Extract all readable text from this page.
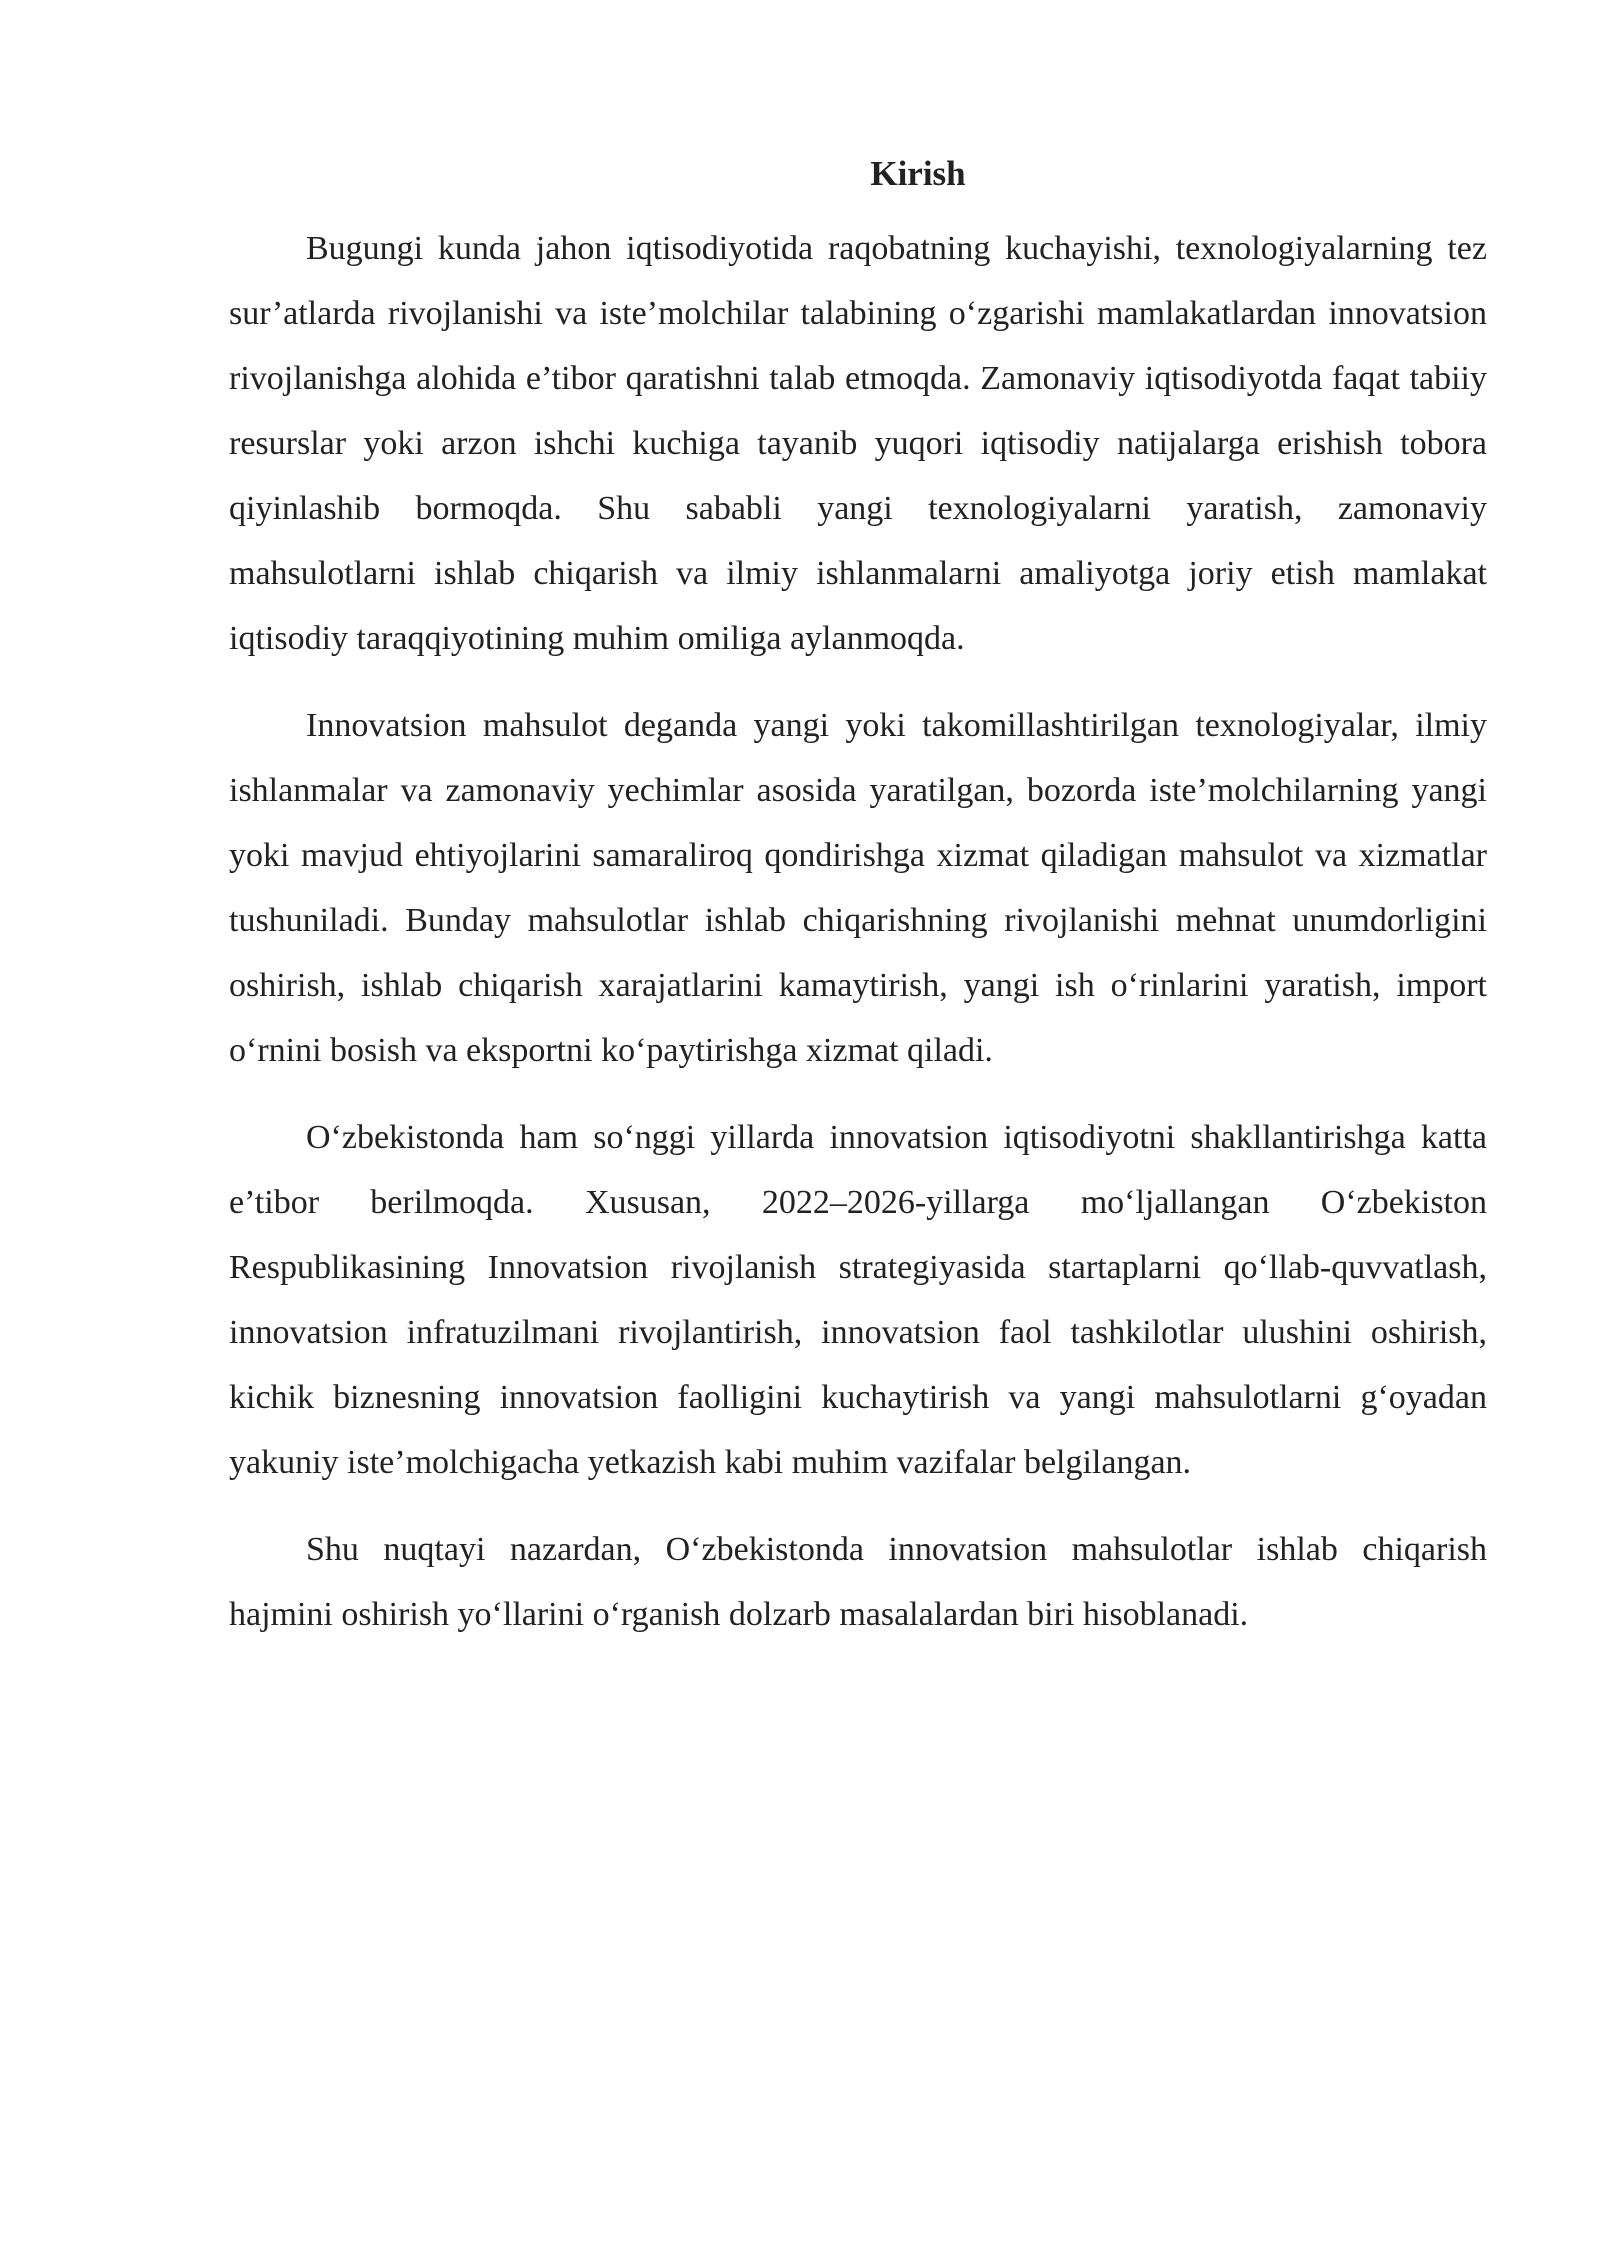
Kirish

Bugungi kunda jahon iqtisodiyotida raqobatning kuchayishi, texnologiyalarning tez sur’atlarda rivojlanishi va iste’molchilar talabining o‘zgarishi mamlakatlardan innovatsion rivojlanishga alohida e’tibor qaratishni talab etmoqda. Zamonaviy iqtisodiyotda faqat tabiiy resurslar yoki arzon ishchi kuchiga tayanib yuqori iqtisodiy natijalarga erishish tobora qiyinlashib bormoqda. Shu sababli yangi texnologiyalarni yaratish, zamonaviy mahsulotlarni ishlab chiqarish va ilmiy ishlanmalarni amaliyotga joriy etish mamlakat iqtisodiy taraqqiyotining muhim omiliga aylanmoqda.

Innovatsion mahsulot deganda yangi yoki takomillashtirilgan texnologiyalar, ilmiy ishlanmalar va zamonaviy yechimlar asosida yaratilgan, bozorda iste’molchilarning yangi yoki mavjud ehtiyojlarini samaraliroq qondirishga xizmat qiladigan mahsulot va xizmatlar tushuniladi. Bunday mahsulotlar ishlab chiqarishning rivojlanishi mehnat unumdorligini oshirish, ishlab chiqarish xarajatlarini kamaytirish, yangi ish o‘rinlarini yaratish, import o‘rnini bosish va eksportni ko‘paytirishga xizmat qiladi.

O‘zbekistonda ham so‘nggi yillarda innovatsion iqtisodiyotni shakllantirishga katta e’tibor berilmoqda. Xususan, 2022–2026-yillarga mo‘ljallangan O‘zbekiston Respublikasining Innovatsion rivojlanish strategiyasida startaplarni qo‘llab-quvvatlash, innovatsion infratuzilmani rivojlantirish, innovatsion faol tashkilotlar ulushini oshirish, kichik biznesning innovatsion faolligini kuchaytirish va yangi mahsulotlarni g‘oyadan yakuniy iste’molchigacha yetkazish kabi muhim vazifalar belgilangan.

Shu nuqtayi nazardan, O‘zbekistonda innovatsion mahsulotlar ishlab chiqarish hajmini oshirish yo‘llarini o‘rganish dolzarb masalalardan biri hisoblanadi.
